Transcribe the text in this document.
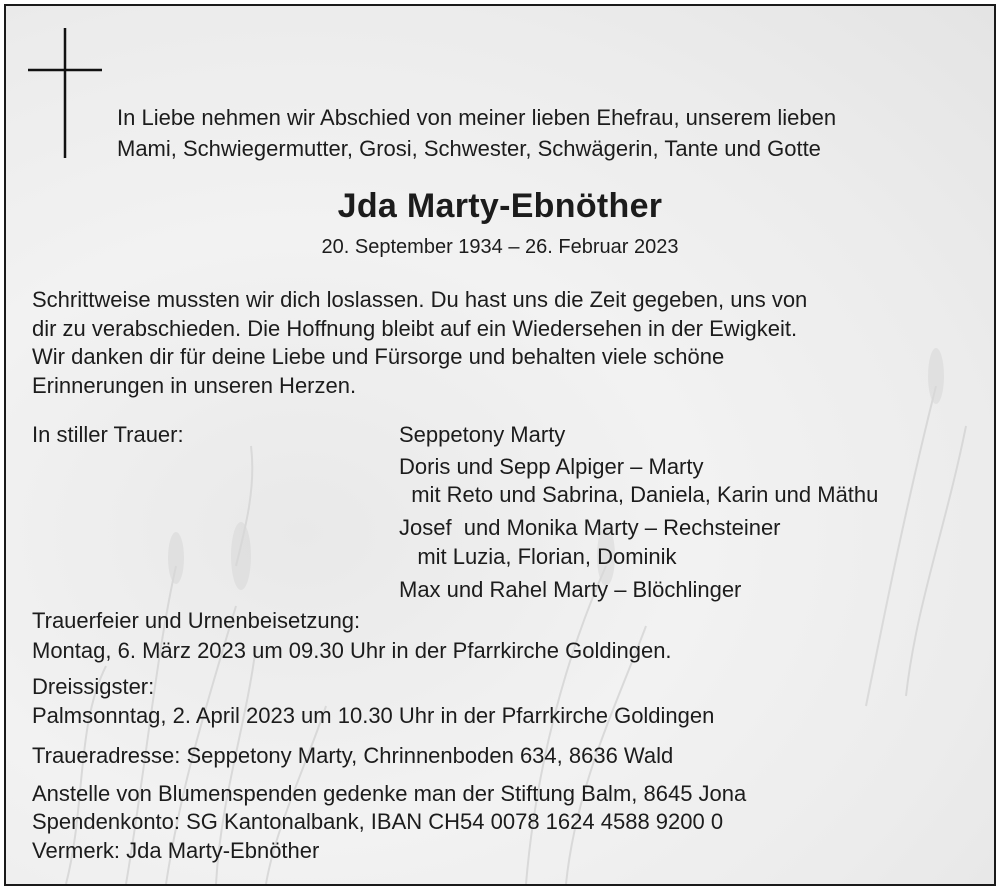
In Liebe nehmen wir Abschied von meiner lieben Ehefrau, unserem lieben
Mami, Schwiegermutter, Grosi, Schwester, Schwägerin, Tante und Gotte
Jda Marty-Ebnöther
20. September 1934 – 26. Februar 2023
Schrittweise mussten wir dich loslassen. Du hast uns die Zeit gegeben, uns von
dir zu verabschieden. Die Hoffnung bleibt auf ein Wiedersehen in der Ewigkeit.
Wir danken dir für deine Liebe und Fürsorge und behalten viele schöne
Erinnerungen in unseren Herzen.
In stiller Trauer:	Seppetony Marty
Doris und Sepp Alpiger – Marty
mit Reto und Sabrina, Daniela, Karin und Mäthu
Josef  und Monika Marty – Rechsteiner
mit Luzia, Florian, Dominik
Max und Rahel Marty – Blöchlinger
Trauerfeier und Urnenbeisetzung:
Montag, 6. März 2023 um 09.30 Uhr in der Pfarrkirche Goldingen.
Dreissigster:
Palmsonntag, 2. April 2023 um 10.30 Uhr in der Pfarrkirche Goldingen
Traueradresse: Seppetony Marty, Chrinnenboden 634, 8636 Wald
Anstelle von Blumenspenden gedenke man der Stiftung Balm, 8645 Jona
Spendenkonto: SG Kantonalbank, IBAN CH54 0078 1624 4588 9200 0
Vermerk: Jda Marty-Ebnöther
